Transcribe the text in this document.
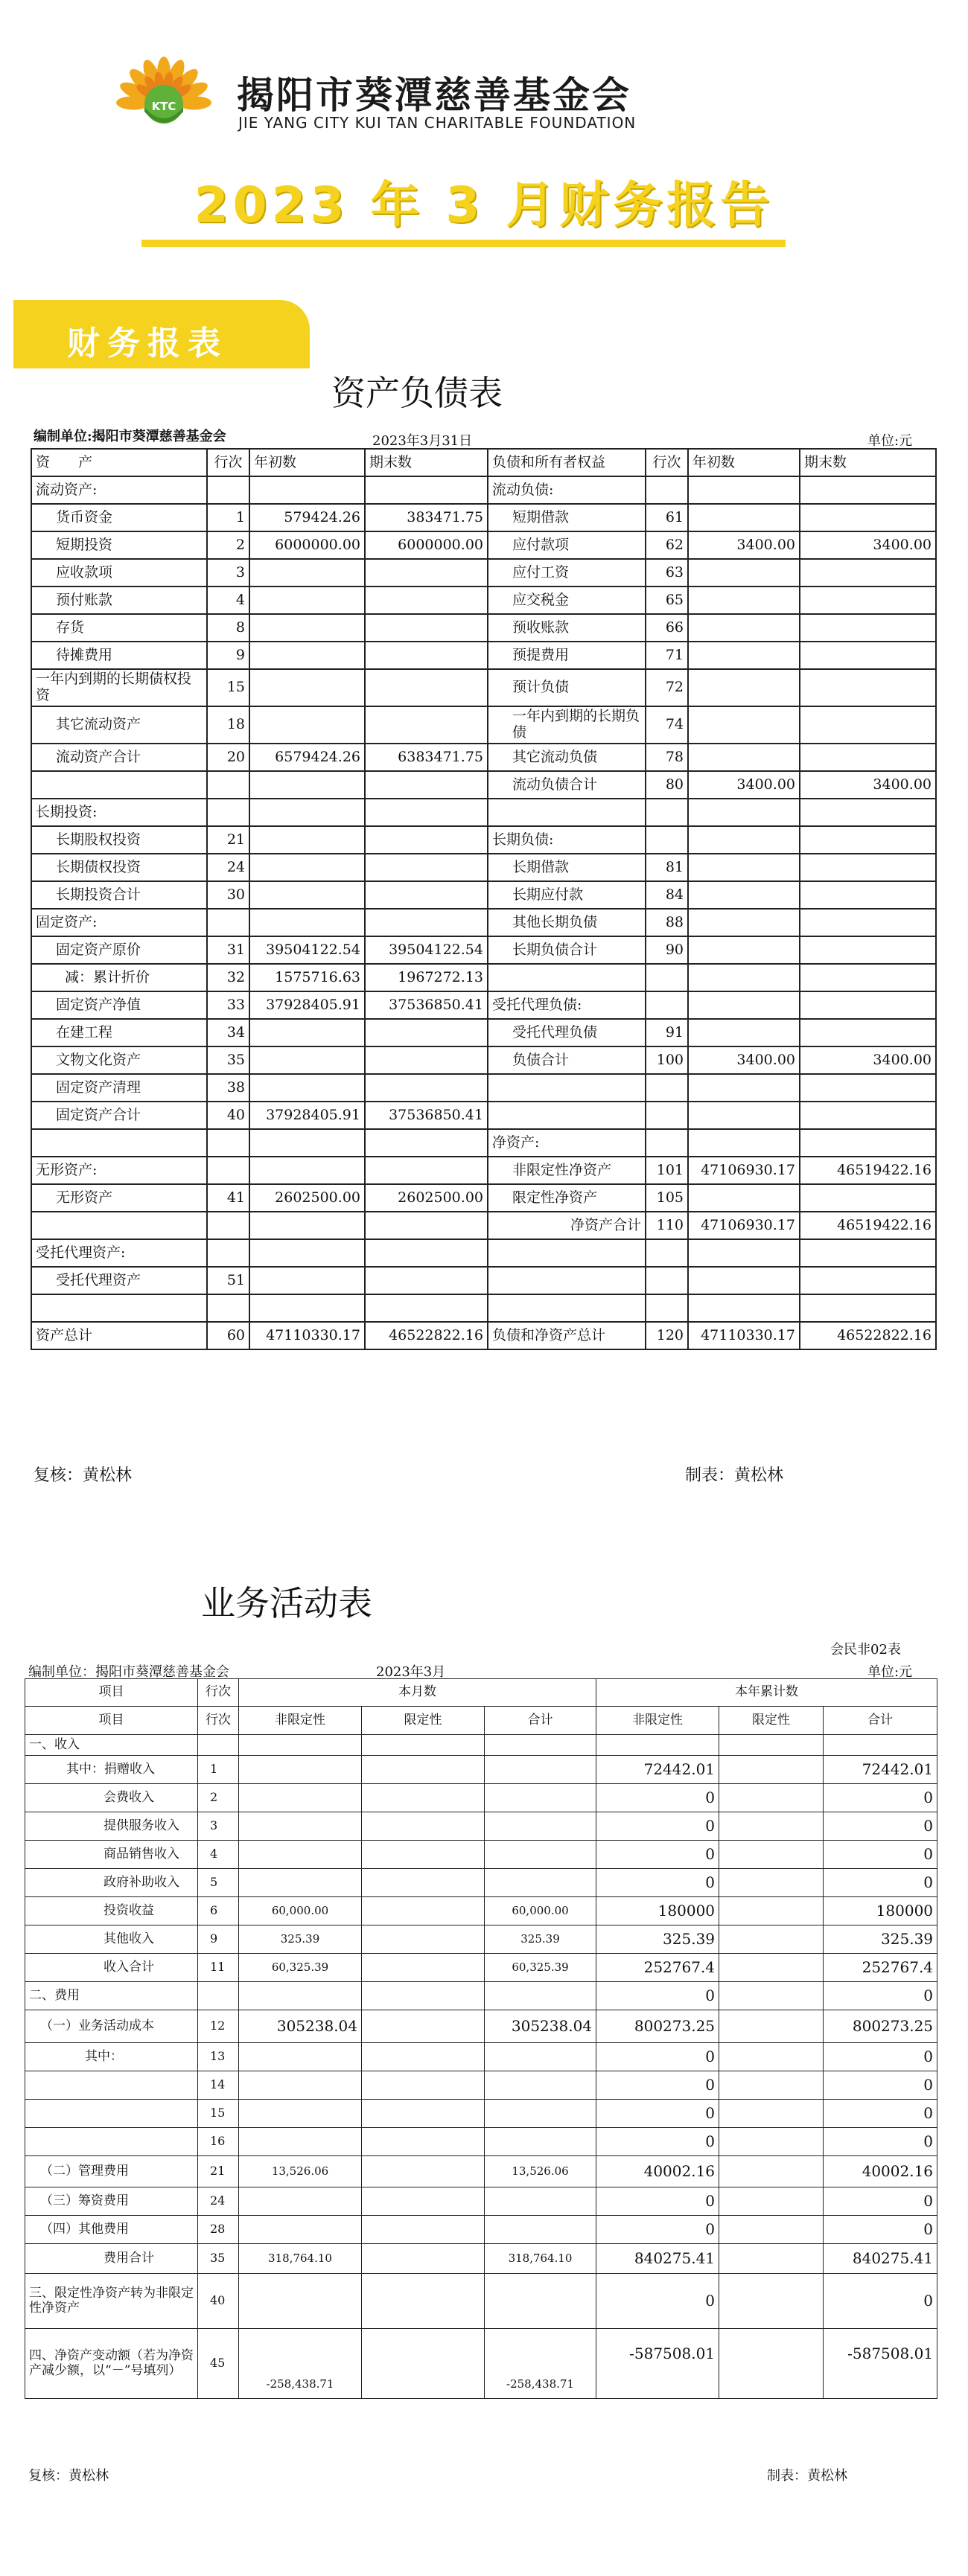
KTC 揭阳市葵潭慈善基金会
JIE YANG CITY KUI TAN CHARITABLE FOUNDATION
2023 年 3 月财务报告
财务报表
资产负债表
编制单位:揭阳市葵潭慈善基金会	2023年3月31日	单位:元
资　　产	行次	年初数	期末数	负债和所有者权益	行次	年初数	期末数
流动资产:				流动负债:			
货币资金	1	579424.26	383471.75	短期借款	61		
短期投资	2	6000000.00	6000000.00	应付款项	62	3400.00	3400.00
应收款项	3			应付工资	63		
预付账款	4			应交税金	65		
存货	8			预收账款	66		
待摊费用	9			预提费用	71		
一年内到期的长期债权投资	15			预计负债	72		
其它流动资产	18			一年内到期的长期负债	74		
流动资产合计	20	6579424.26	6383471.75	其它流动负债	78		
				流动负债合计	80	3400.00	3400.00
长期投资:							
长期股权投资	21			长期负债:			
长期债权投资	24			长期借款	81		
长期投资合计	30			长期应付款	84		
固定资产:				其他长期负债	88		
固定资产原价	31	39504122.54	39504122.54	长期负债合计	90		
减：累计折价	32	1575716.63	1967272.13				
固定资产净值	33	37928405.91	37536850.41	受托代理负债:			
在建工程	34			受托代理负债	91		
文物文化资产	35			负债合计	100	3400.00	3400.00
固定资产清理	38						
固定资产合计	40	37928405.91	37536850.41				
				净资产:			
无形资产:				非限定性净资产	101	47106930.17	46519422.16
无形资产	41	2602500.00	2602500.00	限定性净资产	105		
				净资产合计	110	47106930.17	46519422.16
受托代理资产:							
受托代理资产	51						

资产总计	60	47110330.17	46522822.16	负债和净资产总计	120	47110330.17	46522822.16
复核：黄松林	制表：黄松林
业务活动表
会民非02表
编制单位：揭阳市葵潭慈善基金会	2023年3月	单位:元
项目	行次	本月数			本年累计数		
项目	行次	非限定性	限定性	合计	非限定性	限定性	合计
一、收入							
其中：捐赠收入	1				72442.01		72442.01
会费收入	2				0		0
提供服务收入	3				0		0
商品销售收入	4				0		0
政府补助收入	5				0		0
投资收益	6	60,000.00		60,000.00	180000		180000
其他收入	9	325.39		325.39	325.39		325.39
收入合计	11	60,325.39		60,325.39	252767.4		252767.4
二、费用					0		0
（一）业务活动成本	12	305238.04		305238.04	800273.25		800273.25
其中：	13				0		0
	14				0		0
	15				0		0
	16				0		0
（二）管理费用	21	13,526.06		13,526.06	40002.16		40002.16
（三）筹资费用	24				0		0
（四）其他费用	28				0		0
费用合计	35	318,764.10		318,764.10	840275.41		840275.41
三、限定性净资产转为非限定性净资产	40				0		0
四、净资产变动额（若为净资产减少额，以“－”号填列）	45	-258,438.71		-258,438.71	-587508.01		-587508.01
复核：黄松林	制表：黄松林
